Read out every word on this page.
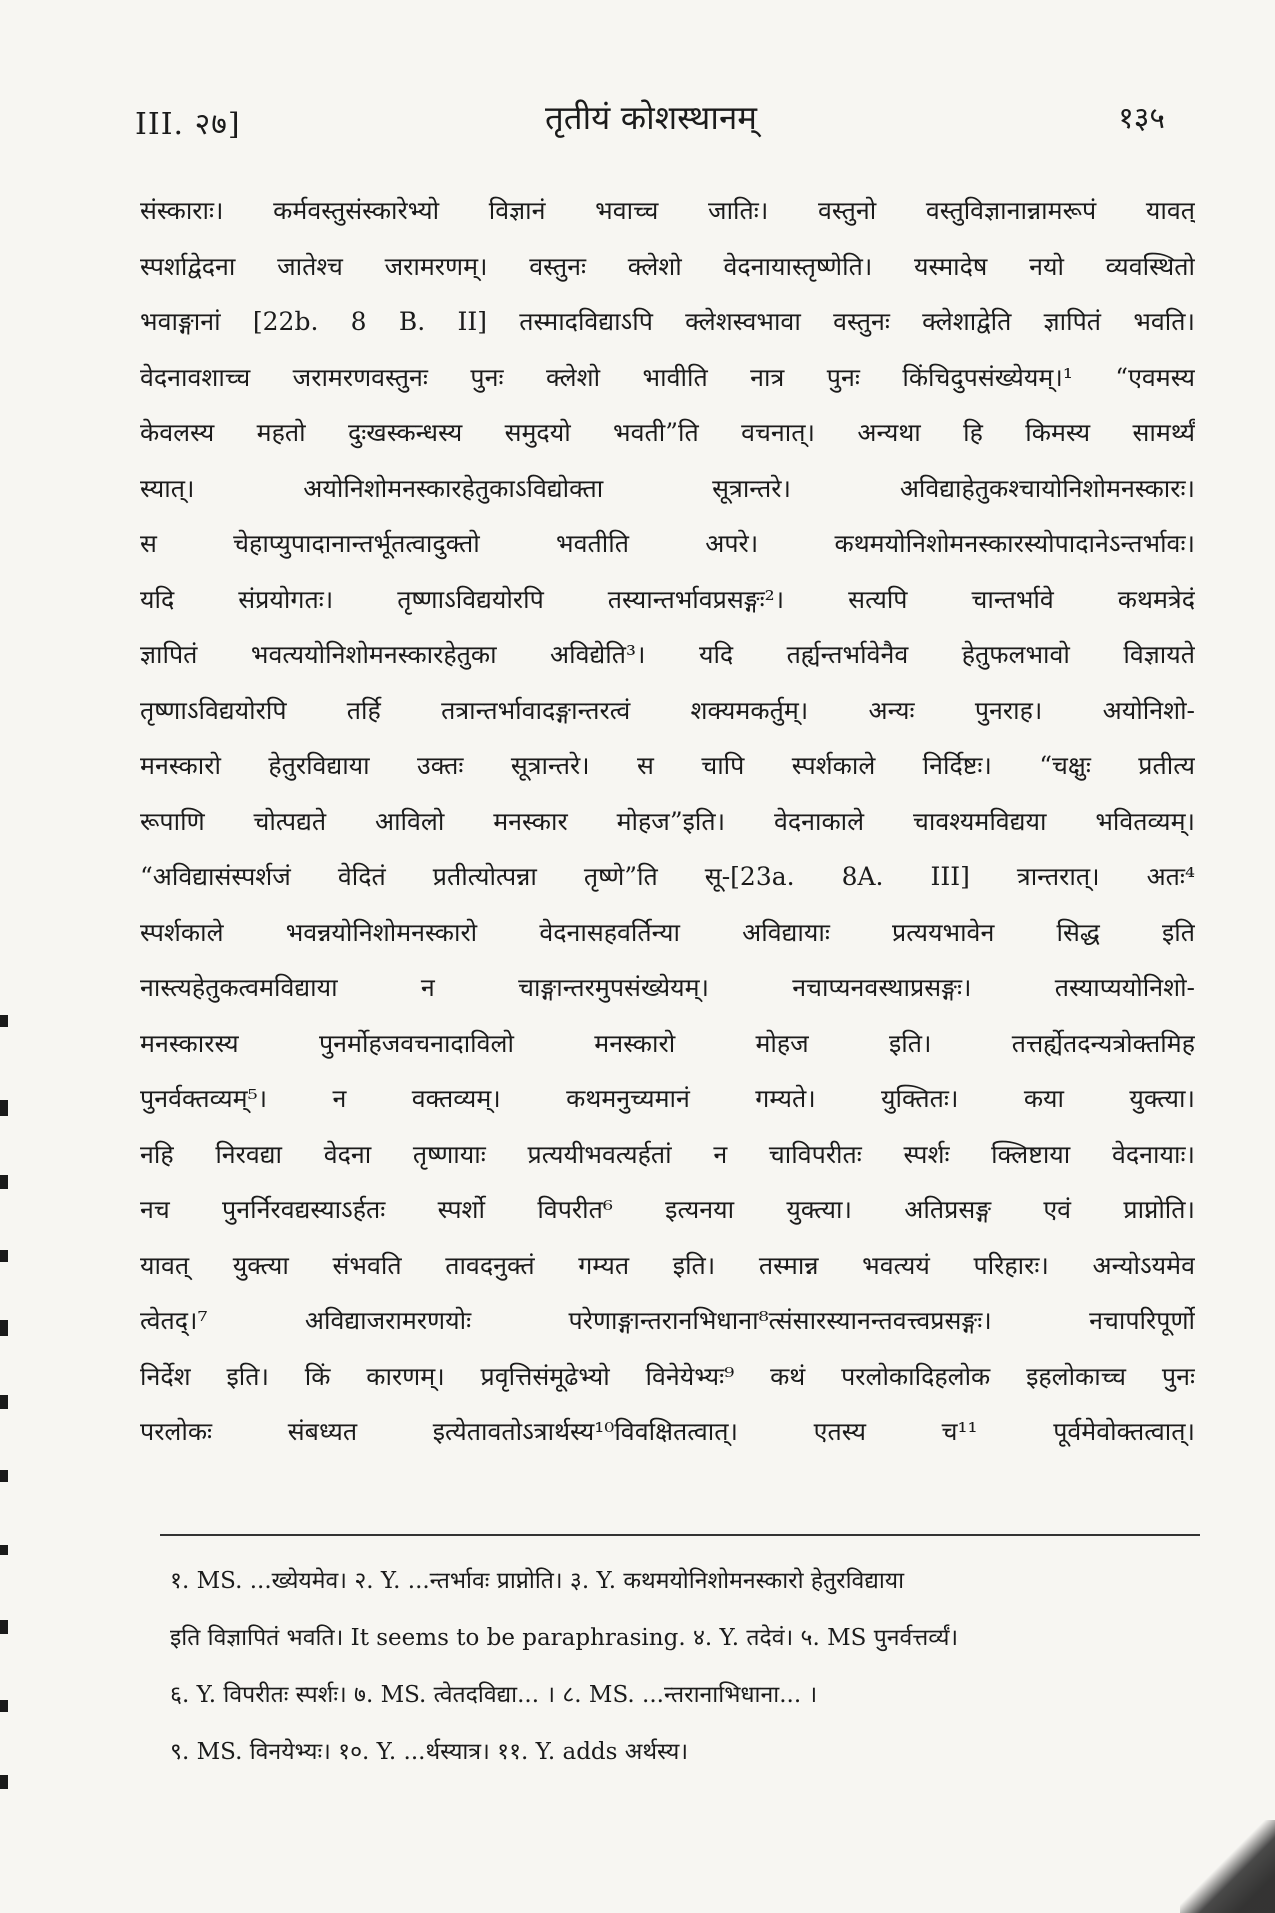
III. २७]	तृतीयं कोशस्थानम्	१३५
संस्काराः। कर्मवस्तुसंस्कारेभ्यो विज्ञानं भवाच्च जातिः। वस्तुनो वस्तुविज्ञानान्नामरूपं यावत्
स्पर्शाद्वेदना जातेश्च जरामरणम्। वस्तुनः क्लेशो वेदनायास्तृष्णेति। यस्मादेष नयो व्यवस्थितो
भवाङ्गानां [22b. 8 B. II] तस्मादविद्याऽपि क्लेशस्वभावा वस्तुनः क्लेशाद्वेति ज्ञापितं भवति।
वेदनावशाच्च जरामरणवस्तुनः पुनः क्लेशो भावीति नात्र पुनः किंचिदुपसंख्येयम्।¹ “एवमस्य
केवलस्य महतो दुःखस्कन्धस्य समुदयो भवती”ति वचनात्। अन्यथा हि किमस्य सामर्थ्यं
स्यात्। अयोनिशोमनस्कारहेतुकाऽविद्योक्ता सूत्रान्तरे। अविद्याहेतुकश्चायोनिशोमनस्कारः।
स चेहाप्युपादानान्तर्भूतत्वादुक्तो भवतीति अपरे। कथमयोनिशोमनस्कारस्योपादानेऽन्तर्भावः।
यदि संप्रयोगतः। तृष्णाऽविद्ययोरपि तस्यान्तर्भावप्रसङ्गः²। सत्यपि चान्तर्भावे कथमत्रेदं
ज्ञापितं भवत्ययोनिशोमनस्कारहेतुका अविद्येति³। यदि तर्ह्यन्तर्भावेनैव हेतुफलभावो विज्ञायते
तृष्णाऽविद्ययोरपि तर्हि तत्रान्तर्भावादङ्गान्तरत्वं शक्यमकर्तुम्। अन्यः पुनराह। अयोनिशो-
मनस्कारो हेतुरविद्याया उक्तः सूत्रान्तरे। स चापि स्पर्शकाले निर्दिष्टः। “चक्षुः प्रतीत्य
रूपाणि चोत्पद्यते आविलो मनस्कार मोहज”इति। वेदनाकाले चावश्यमविद्यया भवितव्यम्।
“अविद्यासंस्पर्शजं वेदितं प्रतीत्योत्पन्ना तृष्णे”ति सू-[23a. 8A. III] त्रान्तरात्। अतः⁴
स्पर्शकाले भवन्नयोनिशोमनस्कारो वेदनासहवर्तिन्या अविद्यायाः प्रत्ययभावेन सिद्ध इति
नास्त्यहेतुकत्वमविद्याया न चाङ्गान्तरमुपसंख्येयम्। नचाप्यनवस्थाप्रसङ्गः। तस्याप्ययोनिशो-
मनस्कारस्य पुनर्मोहजवचनादाविलो मनस्कारो मोहज इति। तत्तर्ह्येतदन्यत्रोक्तमिह
पुनर्वक्तव्यम्⁵। न वक्तव्यम्। कथमनुच्यमानं गम्यते। युक्तितः। कया युक्त्या।
नहि निरवद्या वेदना तृष्णायाः प्रत्ययीभवत्यर्हतां न चाविपरीतः स्पर्शः क्लिष्टाया वेदनायाः।
नच पुनर्निरवद्यस्याऽर्हतः स्पर्शो विपरीत⁶ इत्यनया युक्त्या। अतिप्रसङ्ग एवं प्राप्नोति।
यावत् युक्त्या संभवति तावदनुक्तं गम्यत इति। तस्मान्न भवत्ययं परिहारः। अन्योऽयमेव
त्वेतद्।⁷ अविद्याजरामरणयोः परेणाङ्गान्तरानभिधाना⁸त्संसारस्यानन्तवत्त्वप्रसङ्गः। नचापरिपूर्णो
निर्देश इति। किं कारणम्। प्रवृत्तिसंमूढेभ्यो विनेयेभ्यः⁹ कथं परलोकादिहलोक इहलोकाच्च पुनः
परलोकः संबध्यत इत्येतावतोऽत्रार्थस्य¹⁰विवक्षितत्वात्। एतस्य च¹¹ पूर्वमेवोक्तत्वात्।
१. MS. ...ख्येयमेव। २. Y. ...न्तर्भावः प्राप्नोति। ३. Y. कथमयोनिशोमनस्कारो हेतुरविद्याया
इति विज्ञापितं भवति। It seems to be paraphrasing. ४. Y. तदेवं। ५. MS पुनर्वत्तर्व्यं।
६. Y. विपरीतः स्पर्शः। ७. MS. त्वेतदविद्या... । ८. MS. ...न्तरानाभिधाना... ।
९. MS. विनयेभ्यः। १०. Y. ...र्थस्यात्र। ११. Y. adds अर्थस्य।
